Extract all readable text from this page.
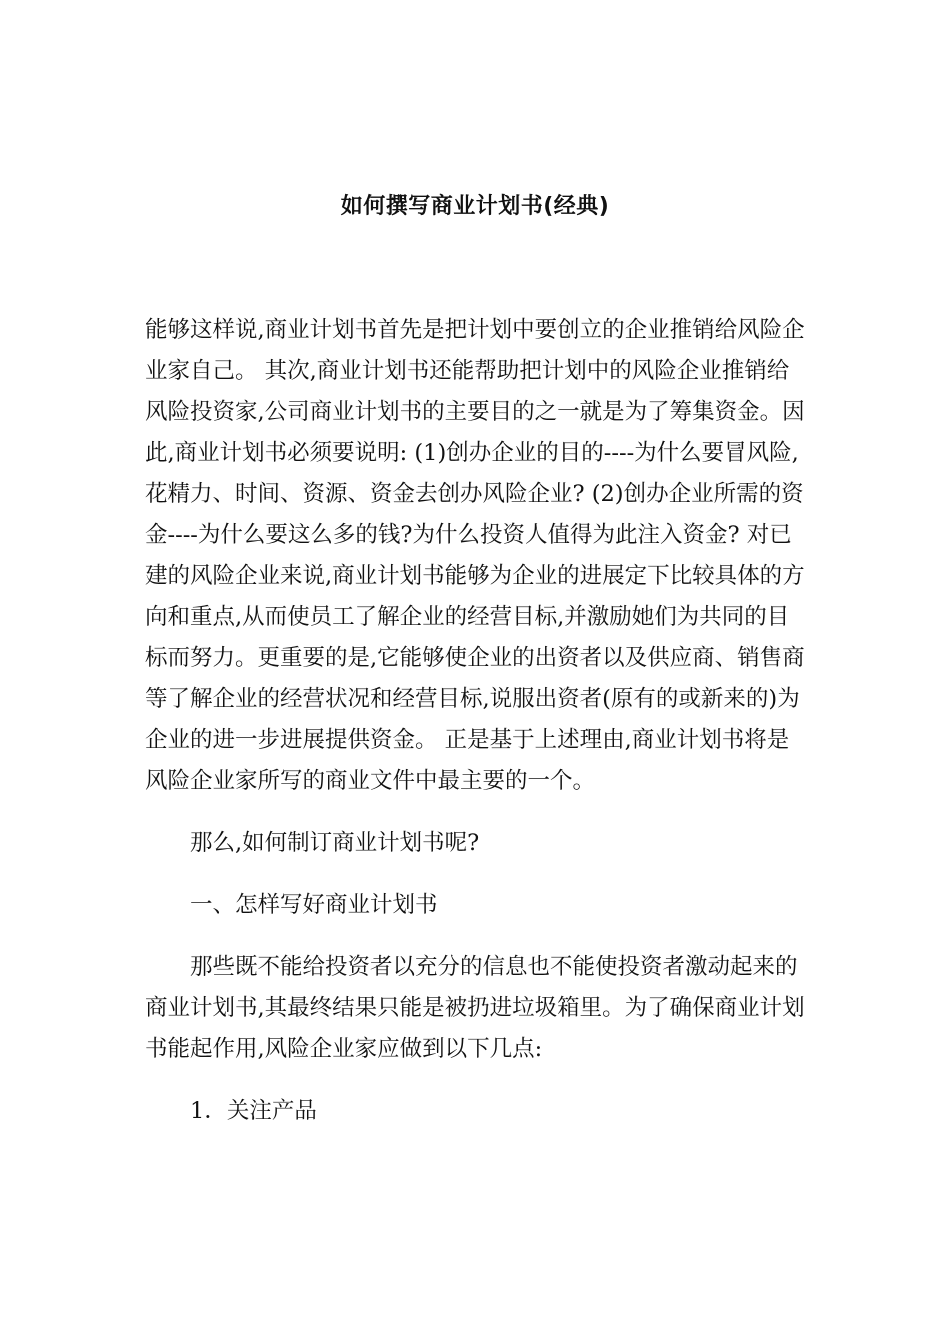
如何撰写商业计划书(经典)

能够这样说,商业计划书首先是把计划中要创立的企业推销给风险企业家自己。 其次,商业计划书还能帮助把计划中的风险企业推销给风险投资家,公司商业计划书的主要目的之一就是为了筹集资金。因此,商业计划书必须要说明: (1)创办企业的目的----为什么要冒风险,花精力、时间、资源、资金去创办风险企业? (2)创办企业所需的资金----为什么要这么多的钱?为什么投资人值得为此注入资金? 对已建的风险企业来说,商业计划书能够为企业的进展定下比较具体的方向和重点,从而使员工了解企业的经营目标,并激励她们为共同的目标而努力。更重要的是,它能够使企业的出资者以及供应商、销售商等了解企业的经营状况和经营目标,说服出资者(原有的或新来的)为企业的进一步进展提供资金。 正是基于上述理由,商业计划书将是风险企业家所写的商业文件中最主要的一个。

那么,如何制订商业计划书呢?

一、怎样写好商业计划书

那些既不能给投资者以充分的信息也不能使投资者激动起来的商业计划书,其最终结果只能是被扔进垃圾箱里。为了确保商业计划书能起作用,风险企业家应做到以下几点:

1．关注产品
